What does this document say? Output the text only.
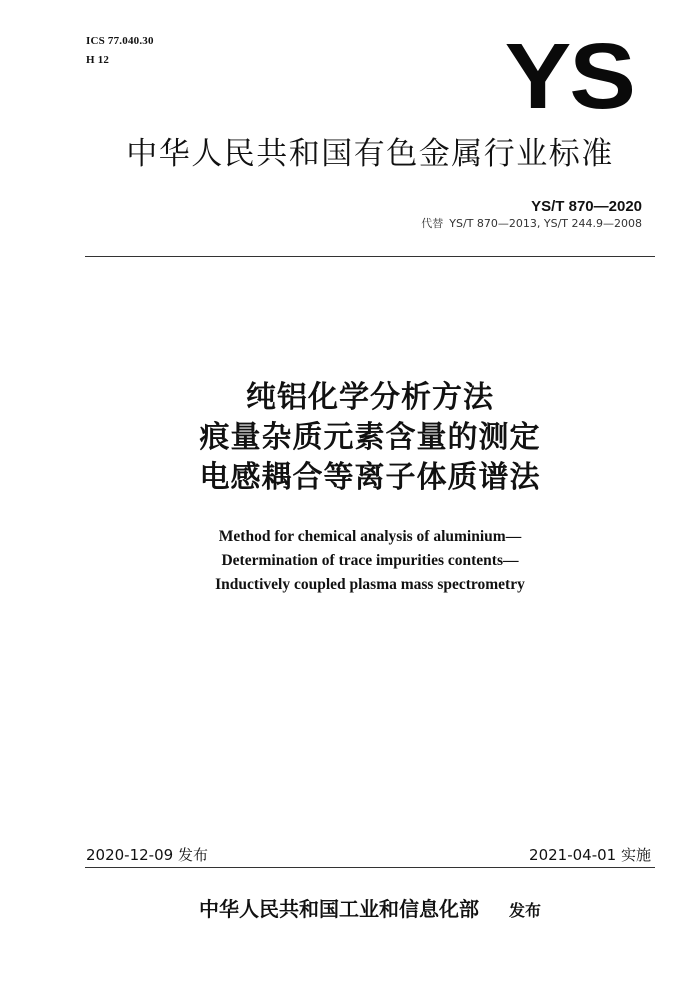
ICS 77.040.30
H 12	YS
中华人民共和国有色金属行业标准
YS/T 870—2020
代替 YS/T 870—2013, YS/T 244.9—2008
纯铝化学分析方法
痕量杂质元素含量的测定
电感耦合等离子体质谱法
Method for chemical analysis of aluminium—
Determination of trace impurities contents—
Inductively coupled plasma mass spectrometry
2020-12-09 发布	2021-04-01 实施
中华人民共和国工业和信息化部 发布
